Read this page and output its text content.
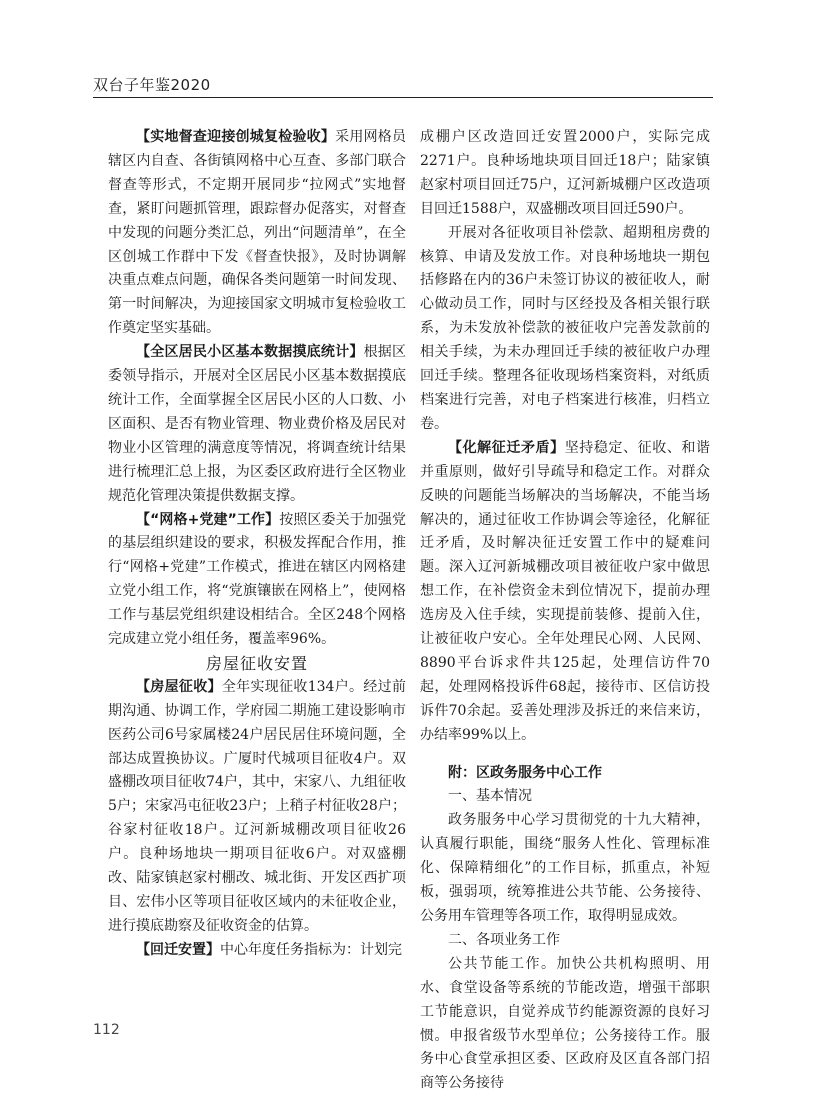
双台子年鉴2020

【实地督查迎接创城复检验收】采用网格员辖区内自查、各街镇网格中心互查、多部门联合督查等形式，不定期开展同步“拉网式”实地督查，紧盯问题抓管理，跟踪督办促落实，对督查中发现的问题分类汇总，列出“问题清单”，在全区创城工作群中下发《督查快报》，及时协调解决重点难点问题，确保各类问题第一时间发现、第一时间解决，为迎接国家文明城市复检验收工作奠定坚实基础。

【全区居民小区基本数据摸底统计】根据区委领导指示，开展对全区居民小区基本数据摸底统计工作，全面掌握全区居民小区的人口数、小区面积、是否有物业管理、物业费价格及居民对物业小区管理的满意度等情况，将调查统计结果进行梳理汇总上报，为区委区政府进行全区物业规范化管理决策提供数据支撑。

【“网格+党建”工作】按照区委关于加强党的基层组织建设的要求，积极发挥配合作用，推行“网格+党建”工作模式，推进在辖区内网格建立党小组工作，将“党旗镶嵌在网格上”，使网格工作与基层党组织建设相结合。全区248个网格完成建立党小组任务，覆盖率96%。

房屋征收安置

【房屋征收】全年实现征收134户。经过前期沟通、协调工作，学府园二期施工建设影响市医药公司6号家属楼24户居民居住环境问题，全部达成置换协议。广厦时代城项目征收4户。双盛棚改项目征收74户，其中，宋家八、九组征收5户；宋家冯屯征收23户；上稍子村征收28户；谷家村征收18户。辽河新城棚改项目征收26户。良种场地块一期项目征收6户。对双盛棚改、陆家镇赵家村棚改、城北街、开发区西扩项目、宏伟小区等项目征收区域内的未征收企业，进行摸底勘察及征收资金的估算。

【回迁安置】中心年度任务指标为：计划完

成棚户区改造回迁安置2000户，实际完成2271户。良种场地块项目回迁18户；陆家镇赵家村项目回迁75户，辽河新城棚户区改造项目回迁1588户，双盛棚改项目回迁590户。

开展对各征收项目补偿款、超期租房费的核算、申请及发放工作。对良种场地块一期包括修路在内的36户未签订协议的被征收人，耐心做动员工作，同时与区经投及各相关银行联系，为未发放补偿款的被征收户完善发款前的相关手续，为未办理回迁手续的被征收户办理回迁手续。整理各征收现场档案资料，对纸质档案进行完善，对电子档案进行核准，归档立卷。

【化解征迁矛盾】坚持稳定、征收、和谐并重原则，做好引导疏导和稳定工作。对群众反映的问题能当场解决的当场解决，不能当场解决的，通过征收工作协调会等途径，化解征迁矛盾，及时解决征迁安置工作中的疑难问题。深入辽河新城棚改项目被征收户家中做思想工作，在补偿资金未到位情况下，提前办理选房及入住手续，实现提前装修、提前入住，让被征收户安心。全年处理民心网、人民网、8890平台诉求件共125起，处理信访件70起，处理网格投诉件68起，接待市、区信访投诉件70余起。妥善处理涉及拆迁的来信来访，办结率99%以上。

附：区政务服务中心工作

一、基本情况

政务服务中心学习贯彻党的十九大精神，认真履行职能，围绕“服务人性化、管理标准化、保障精细化”的工作目标，抓重点，补短板，强弱项，统筹推进公共节能、公务接待、公务用车管理等各项工作，取得明显成效。

二、各项业务工作

公共节能工作。加快公共机构照明、用水、食堂设备等系统的节能改造，增强干部职工节能意识，自觉养成节约能源资源的良好习惯。申报省级节水型单位；公务接待工作。服务中心食堂承担区委、区政府及区直各部门招商等公务接待

112
